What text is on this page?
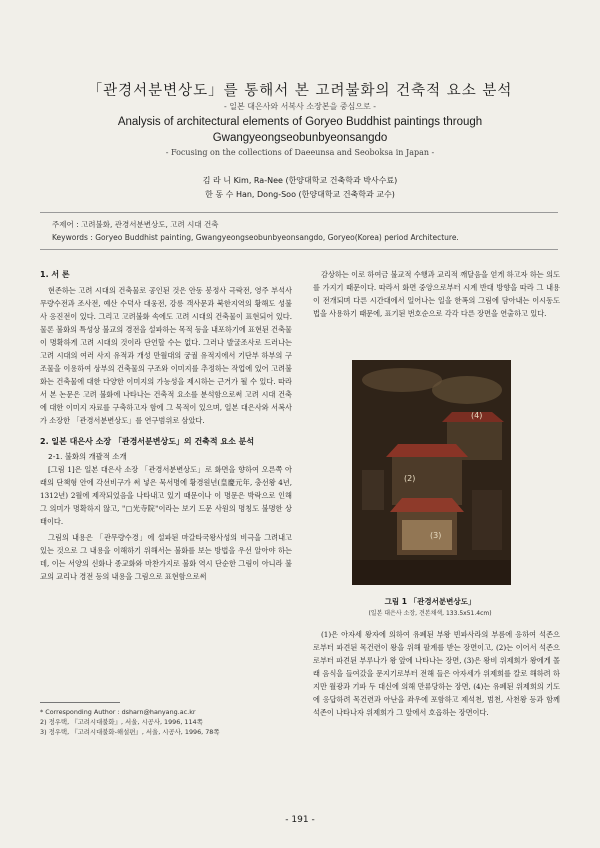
「관경서분변상도」를 통해서 본 고려불화의 건축적 요소 분석
- 일본 대은사와 서복사 소장본을 중심으로 -
Analysis of architectural elements of Goryeo Buddhist paintings through
Gwangyeongseobunbyeonsangdo
- Focusing on the collections of Daeeunsa and Seoboksa in Japan -
김 라 니 Kim, Ra-Nee (한양대학교 건축학과 박사수료)
한 동 수 Han, Dong-Soo (한양대학교 건축학과 교수)
주제어 : 고려불화, 관경서분변상도, 고려 시대 건축
Keywords : Goryeo Buddhist painting, Gwangyeongseobunbyeonsangdo, Goryeo(Korea) period Architecture.
1. 서 론

현존하는 고려 시대의 건축물로 공인된 것은 안동 봉정사 극락전, 영주 부석사 무량수전과 조사전, 예산 수덕사 대웅전, 강릉 객사문과 북한지역의 황해도 성불사 응진전이 있다. 그리고 고려불화 속에도 고려 시대의 건축물이 표현되어 있다. 물론 불화의 특성상 불교의 경전을 설파하는 목적 등을 내포하기에 표현된 건축물이 명확하게 고려 시대의 것이라 단언할 수는 없다. 그러나 발굴조사로 드러나는 고려 시대의 여러 사지 유적과 개성 만월대의 궁궐 유적지에서 기단부 하부의 구조물을 이용하여 상부의 건축물의 구조와 이미지를 추정하는 작업에 있어 고려불화는 건축물에 대한 다양한 이미지의 가능성을 제시하는 근거가 될 수 있다. 따라서 본 논문은 고려 불화에 나타나는 건축적 요소를 분석함으로써 고려 시대 건축에 대한 이미지 자료를 구축하고자 함에 그 목적이 있으며, 일본 대은사와 서복사가 소장한 「관경서분변상도」를 연구범위로 삼았다.

2. 일본 대은사 소장 「관경서분변상도」의 건축적 요소 분석
2-1. 불화의 개괄적 소개

[그림 1]은 일본 대은사 소장 「관경서분변상도」로 화면을 향하여 오른쪽 아래의 단책형 안에 각선비구가 써 넣은 묵서명에 황경원년(皇慶元年, 충선왕 4년, 1312년) 2월에 제작되었음을 나타내고 있기 때문이나 이 명문은 박락으로 인해 그 의미가 명확하지 않고, "□光寺院"이라는 보기 드문 사원의 명칭도 불명한 상태이다.

그림의 내용은 「관무량수경」에 설파된 마갈타국왕사성의 비극을 그려내고 있는 것으로 그 내용을 이해하기 위해서는 불화를 보는 방법을 우선 알아야 하는데, 이는 서양의 신화나 종교화와 마찬가지로 불화 역시 단순한 그림이 아니라 불교의 교리나 경전 등의 내용을 그림으로 표현함으로써

* Corresponding Author : dsharn@hanyang.ac.kr
2) 정우택, 『고려시대불화』, 서울, 시공사, 1996, 114쪽
3) 정우택, 『고려시대불화-해설편』, 서울, 시공사, 1996, 78쪽

감상하는 이로 하여금 불교적 수행과 교리적 깨달음을 얻게 하고자 하는 의도를 가지기 때문이다. 따라서 화면 중앙으로부터 시계 반대 방향을 따라 그 내용이 전개되며 다른 시간대에서 일어나는 일을 한폭의 그림에 담아내는 이시동도법을 사용하기 때문에, 표기된 번호순으로 각각 다른 장면을 연출하고 있다.

(4)
(2)
(3)
그림 1 「관경서분변상도」
(일본 대은사 소장, 견본채색, 133.5x51.4cm)

(1)은 아자세 왕자에 의하여 유폐된 부왕 빈파사라의 부름에 응하여 석존으로부터 파견된 목건련이 왕을 위해 팔계를 받는 장면이고, (2)는 이어서 석존으로부터 파견된 부루나가 왕 앞에 나타나는 장면, (3)은 왕비 위제희가 왕에게 몰래 음식을 들여갔을 문지기로부터 전해 들은 아자세가 위제희를 칼로 해하려 하지만 월광과 기파 두 대신에 의해 만류당하는 장면, (4)는 유폐된 위제희의 기도에 응답하려 목건련과 아난을 좌우에 포함하고 제석천, 범천, 사천왕 등과 함께 석존이 나타나자 위제희가 그 앞에서 호읍하는 장면이다.

- 191 -
